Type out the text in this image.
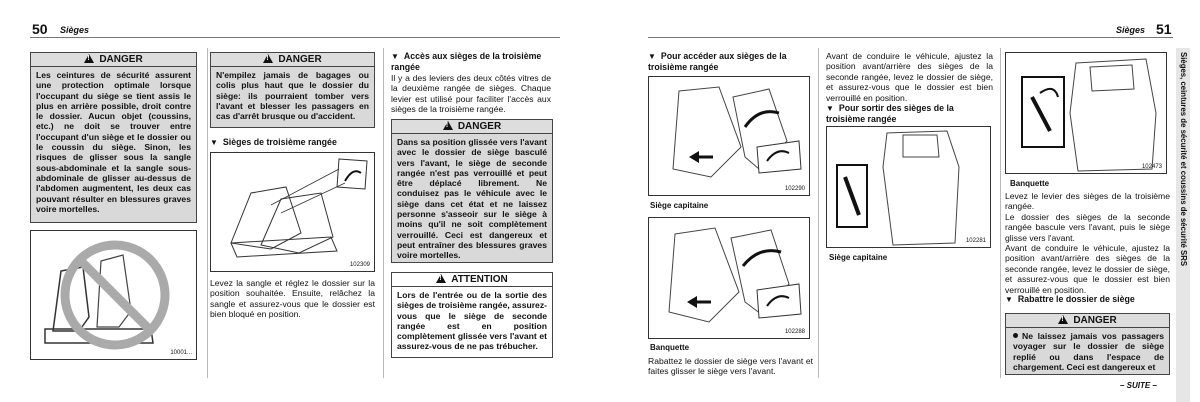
50 Sièges
!DANGER
Les ceintures de sécurité assurent une protection optimale lorsque l'occupant du siège se tient assis le plus en arrière possible, droit contre le dossier. Aucun objet (coussins, etc.) ne doit se trouver entre l'occupant d'un siège et le dossier ou le coussin du siège. Sinon, les risques de glisser sous la sangle sous-abdominale et la sangle sous-abdominale de glisser au-dessus de l'abdomen augmentent, les deux cas pouvant résulter en blessures graves voire mortelles.
10001...
!DANGER
N'empilez jamais de bagages ou colis plus haut que le dossier du siège: ils pourraient tomber vers l'avant et blesser les passagers en cas d'arrêt brusque ou d'accident.
▼ Sièges de troisième rangée
102309
Levez la sangle et réglez le dossier sur la position souhaitée. Ensuite, relâchez la sangle et assurez-vous que le dossier est bien bloqué en position.
▼ Accès aux sièges de la troisième rangée
Il y a des leviers des deux côtés vitres de la deuxième rangée de sièges. Chaque levier est utilisé pour faciliter l'accès aux sièges de la troisième rangée.
!DANGER
Dans sa position glissée vers l'avant avec le dossier de siège basculé vers l'avant, le siège de seconde rangée n'est pas verrouillé et peut être déplacé librement. Ne conduisez pas le véhicule avec le siège dans cet état et ne laissez personne s'asseoir sur le siège à moins qu'il ne soit complètement verrouillé. Ceci est dangereux et peut entraîner des blessures graves voire mortelles.
!ATTENTION
Lors de l'entrée ou de la sortie des sièges de troisième rangée, assurez-vous que le siège de seconde rangée est en position complètement glissée vers l'avant et assurez-vous de ne pas trébucher.
Sièges 51
Sièges, ceintures de sécurité et coussins de sécurité SRS
▼ Pour accéder aux sièges de la troisième rangée
102290
Siège capitaine
102288
Banquette
Rabattez le dossier de siège vers l'avant et faites glisser le siège vers l'avant.
Avant de conduire le véhicule, ajustez la position avant/arrière des sièges de la seconde rangée, levez le dossier de siège, et assurez-vous que le dossier est bien verrouillé en position.
▼ Pour sortir des sièges de la troisième rangée
102281
Siège capitaine
102473
Banquette
Levez le levier des sièges de la troisième rangée.
Le dossier des sièges de la seconde rangée bascule vers l'avant, puis le siège glisse vers l'avant.
Avant de conduire le véhicule, ajustez la position avant/arrière des sièges de la seconde rangée, levez le dossier de siège, et assurez-vous que le dossier est bien verrouillé en position.
▼ Rabattre le dossier de siège
!DANGER
Ne laissez jamais vos passagers voyager sur le dossier de siège replié ou dans l'espace de chargement. Ceci est dangereux et
– SUITE –
